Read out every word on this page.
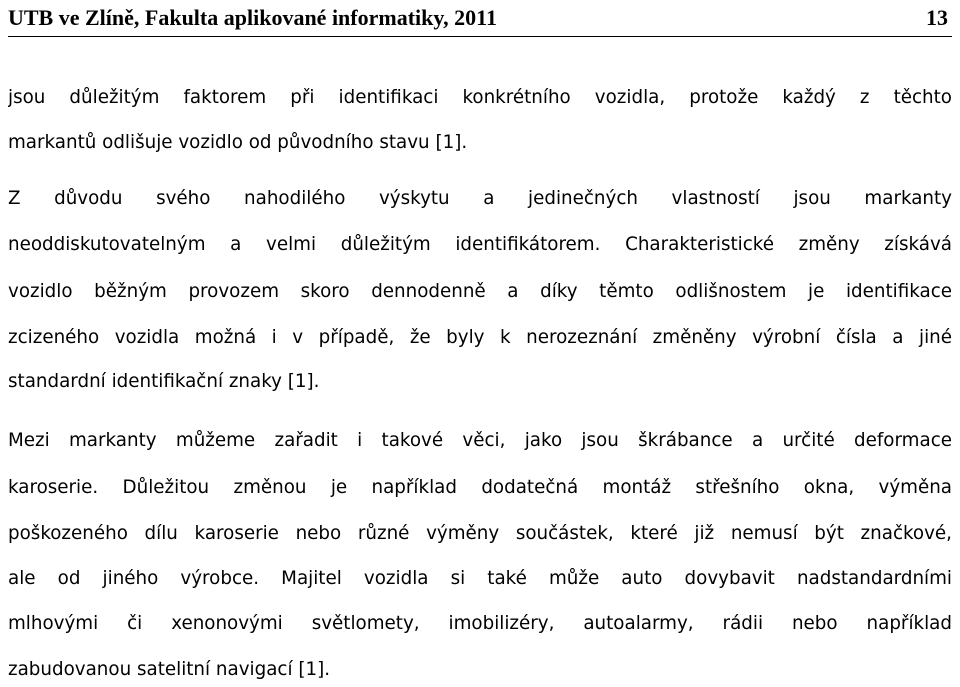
UTB ve Zlíně, Fakulta aplikované informatiky, 2011	13
jsou důležitým faktorem při identifikaci konkrétního vozidla, protože každý z těchto
markantů odlišuje vozidlo od původního stavu [1].
Z důvodu svého nahodilého výskytu a jedinečných vlastností jsou markanty
neoddiskutovatelným a velmi důležitým identifikátorem. Charakteristické změny získává
vozidlo běžným provozem skoro dennodenně a díky těmto odlišnostem je identifikace
zcizeného vozidla možná i v případě, že byly k nerozeznání změněny výrobní čísla a jiné
standardní identifikační znaky [1].
Mezi markanty můžeme zařadit i takové věci, jako jsou škrábance a určité deformace
karoserie. Důležitou změnou je například dodatečná montáž střešního okna, výměna
poškozeného dílu karoserie nebo různé výměny součástek, které již nemusí být značkové,
ale od jiného výrobce. Majitel vozidla si také může auto dovybavit nadstandardními
mlhovými či xenonovými světlomety, imobilizéry, autoalarmy, rádii nebo například
zabudovanou satelitní navigací [1].
